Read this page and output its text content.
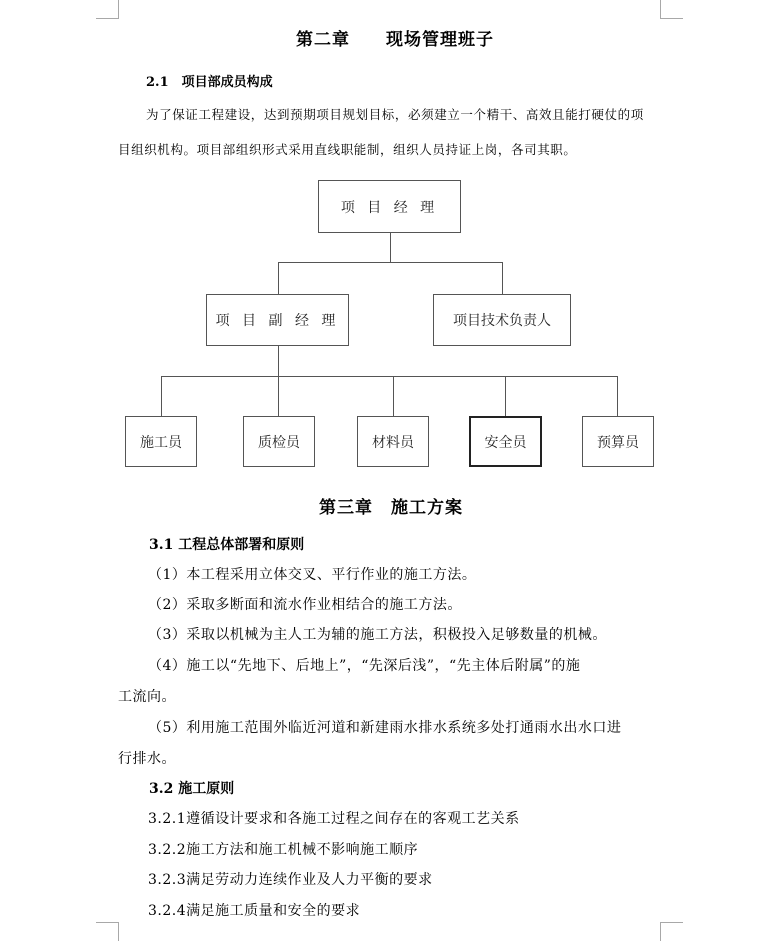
第二章　　现场管理班子
2.1　项目部成员构成
为了保证工程建设，达到预期项目规划目标，必须建立一个精干、高效且能打硬仗的项
目组织机构。项目部组织形式采用直线职能制，组织人员持证上岗，各司其职。
项 目 经 理
项 目 副 经 理	项目技术负责人
施工员	质检员	材料员	安全员	预算员
第三章　施工方案
3.1 工程总体部署和原则
（1）本工程采用立体交叉、平行作业的施工方法。
（2）采取多断面和流水作业相结合的施工方法。
（3）采取以机械为主人工为辅的施工方法，积极投入足够数量的机械。
（4）施工以“先地下、后地上”，“先深后浅”，“先主体后附属”的施
工流向。
（5）利用施工范围外临近河道和新建雨水排水系统多处打通雨水出水口进
行排水。
3.2 施工原则
3.2.1遵循设计要求和各施工过程之间存在的客观工艺关系
3.2.2施工方法和施工机械不影响施工顺序
3.2.3满足劳动力连续作业及人力平衡的要求
3.2.4满足施工质量和安全的要求
